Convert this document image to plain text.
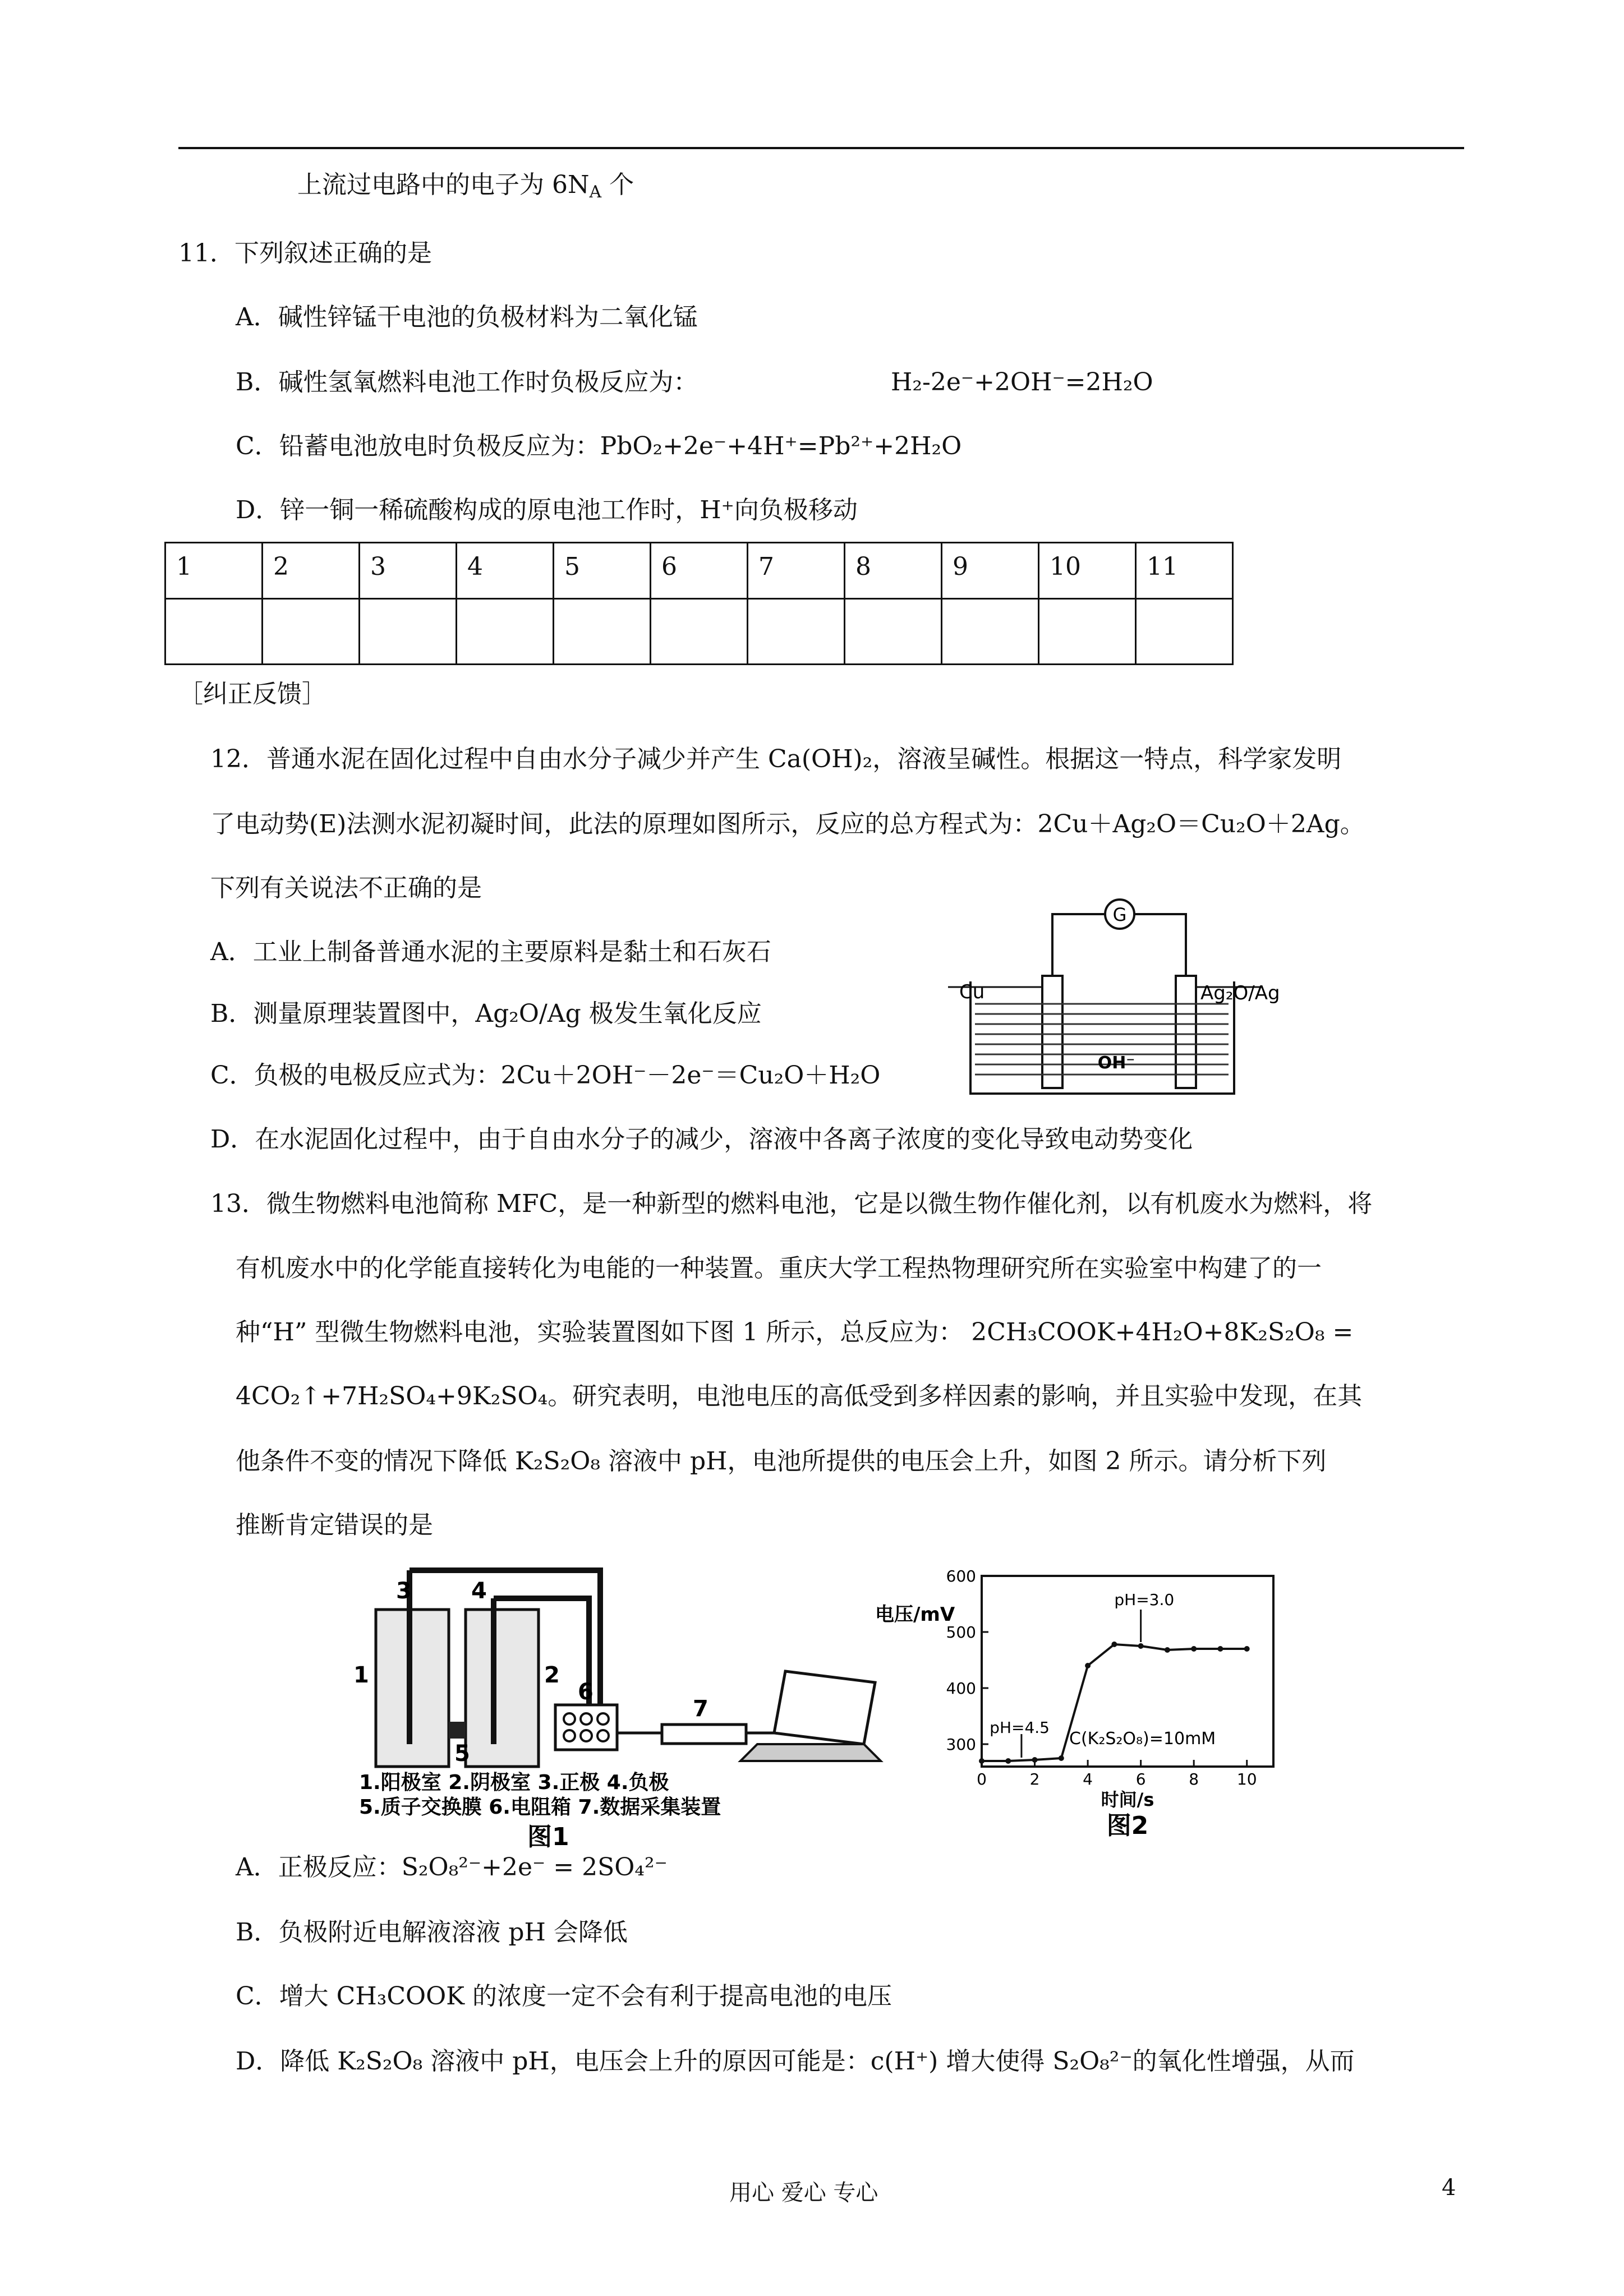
上流过电路中的电子为 $6N_A$ 个
11．下列叙述正确的是
A．碱性锌锰干电池的负极材料为二氧化锰
B．碱性氢氧燃料电池工作时负极反应为：	H₂-2e⁻+2OH⁻=2H₂O
C．铅蓄电池放电时负极反应为：PbO₂+2e⁻+4H⁺=Pb²⁺+2H₂O
D．锌一铜一稀硫酸构成的原电池工作时，H⁺向负极移动
1	2	3	4	5	6	7	8	9	10	11

［纠正反馈］
12．普通水泥在固化过程中自由水分子减少并产生 Ca(OH)₂，溶液呈碱性。根据这一特点，科学家发明
了电动势(E)法测水泥初凝时间，此法的原理如图所示，反应的总方程式为：2Cu＋Ag₂O＝Cu₂O＋2Ag。
下列有关说法不正确的是
A．工业上制备普通水泥的主要原料是黏土和石灰石
B．测量原理装置图中，Ag₂O/Ag 极发生氧化反应
C．负极的电极反应式为：2Cu＋2OH⁻－2e⁻＝Cu₂O＋H₂O
D．在水泥固化过程中，由于自由水分子的减少，溶液中各离子浓度的变化导致电动势变化
G
Cu	Ag₂O/Ag
OH⁻
13．微生物燃料电池简称 MFC，是一种新型的燃料电池，它是以微生物作催化剂，以有机废水为燃料，将
有机废水中的化学能直接转化为电能的一种装置。重庆大学工程热物理研究所在实验室中构建了的一
种“H” 型微生物燃料电池，实验装置图如下图 1 所示，总反应为： 2CH₃COOK+4H₂O+8K₂S₂O₈ =
4CO₂↑+7H₂SO₄+9K₂SO₄。研究表明，电池电压的高低受到多样因素的影响，并且实验中发现，在其
他条件不变的情况下降低 K₂S₂O₈ 溶液中 pH，电池所提供的电压会上升，如图 2 所示。请分析下列
推断肯定错误的是
1	2
3	4
5
6
7
1.阳极室 2.阴极室 3.正极 4.负极
5.质子交换膜 6.电阻箱 7.数据采集装置
图1
300
400
500
600
0	2	4	6	8 10
电压/mV
时间/s
pH=4.5
pH=3.0
C(K₂S₂O₈)=10mM
图2
A．正极反应：S₂O₈²⁻+2e⁻ = 2SO₄²⁻
B．负极附近电解液溶液 pH 会降低
C．增大 CH₃COOK 的浓度一定不会有利于提高电池的电压
D．降低 K₂S₂O₈ 溶液中 pH，电压会上升的原因可能是：c(H⁺) 增大使得 S₂O₈²⁻的氧化性增强，从而
用心 爱心 专心	4
